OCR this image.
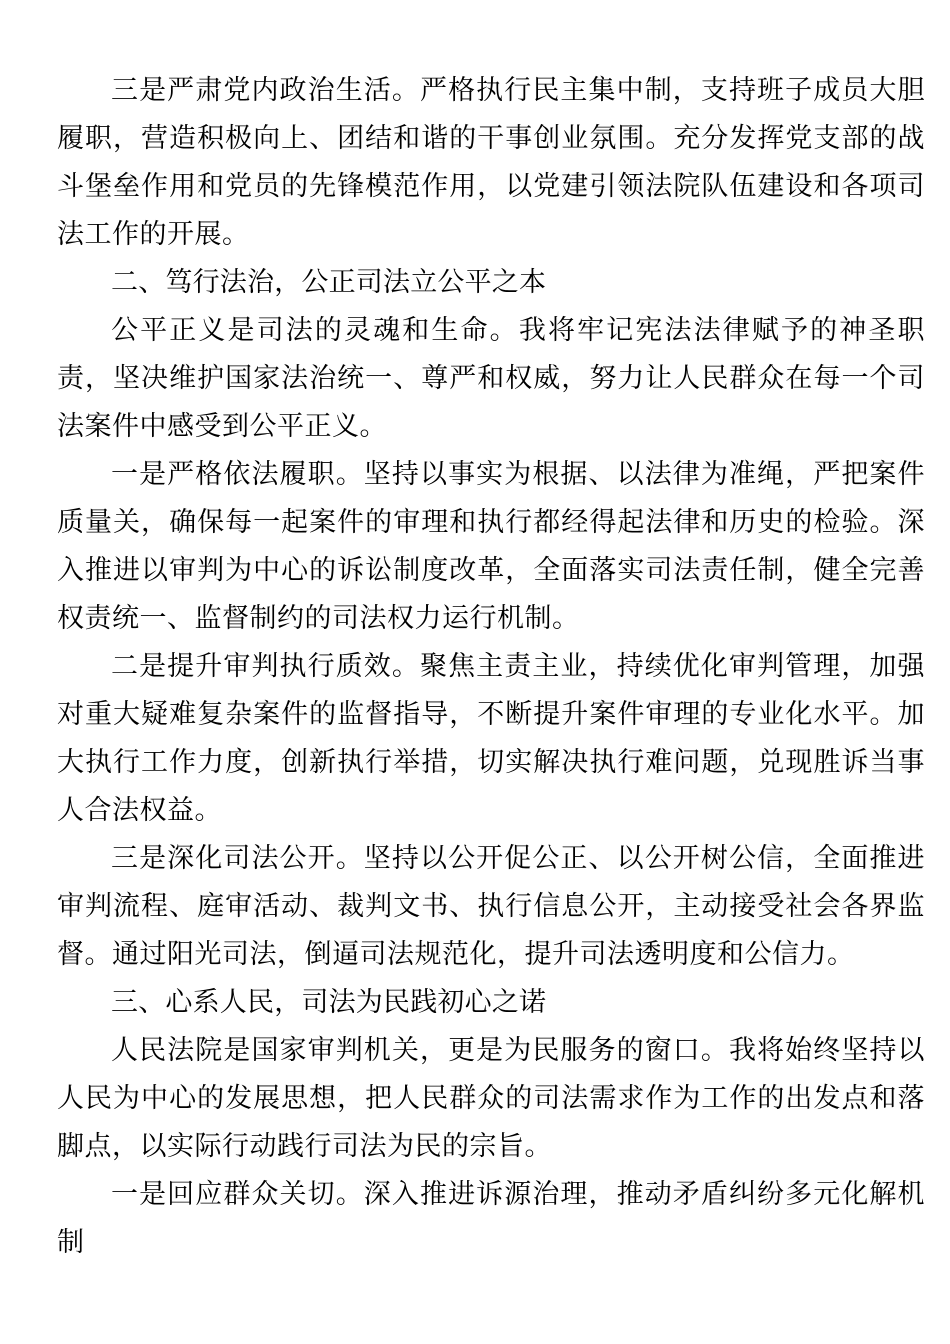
三是严肃党内政治生活。严格执行民主集中制，支持班子成员大胆履职，营造积极向上、团结和谐的干事创业氛围。充分发挥党支部的战斗堡垒作用和党员的先锋模范作用，以党建引领法院队伍建设和各项司法工作的开展。

二、笃行法治，公正司法立公平之本

公平正义是司法的灵魂和生命。我将牢记宪法法律赋予的神圣职责，坚决维护国家法治统一、尊严和权威，努力让人民群众在每一个司法案件中感受到公平正义。

一是严格依法履职。坚持以事实为根据、以法律为准绳，严把案件质量关，确保每一起案件的审理和执行都经得起法律和历史的检验。深入推进以审判为中心的诉讼制度改革，全面落实司法责任制，健全完善权责统一、监督制约的司法权力运行机制。

二是提升审判执行质效。聚焦主责主业，持续优化审判管理，加强对重大疑难复杂案件的监督指导，不断提升案件审理的专业化水平。加大执行工作力度，创新执行举措，切实解决执行难问题，兑现胜诉当事人合法权益。

三是深化司法公开。坚持以公开促公正、以公开树公信，全面推进审判流程、庭审活动、裁判文书、执行信息公开，主动接受社会各界监督。通过阳光司法，倒逼司法规范化，提升司法透明度和公信力。

三、心系人民，司法为民践初心之诺

人民法院是国家审判机关，更是为民服务的窗口。我将始终坚持以人民为中心的发展思想，把人民群众的司法需求作为工作的出发点和落脚点，以实际行动践行司法为民的宗旨。

一是回应群众关切。深入推进诉源治理，推动矛盾纠纷多元化解机制
